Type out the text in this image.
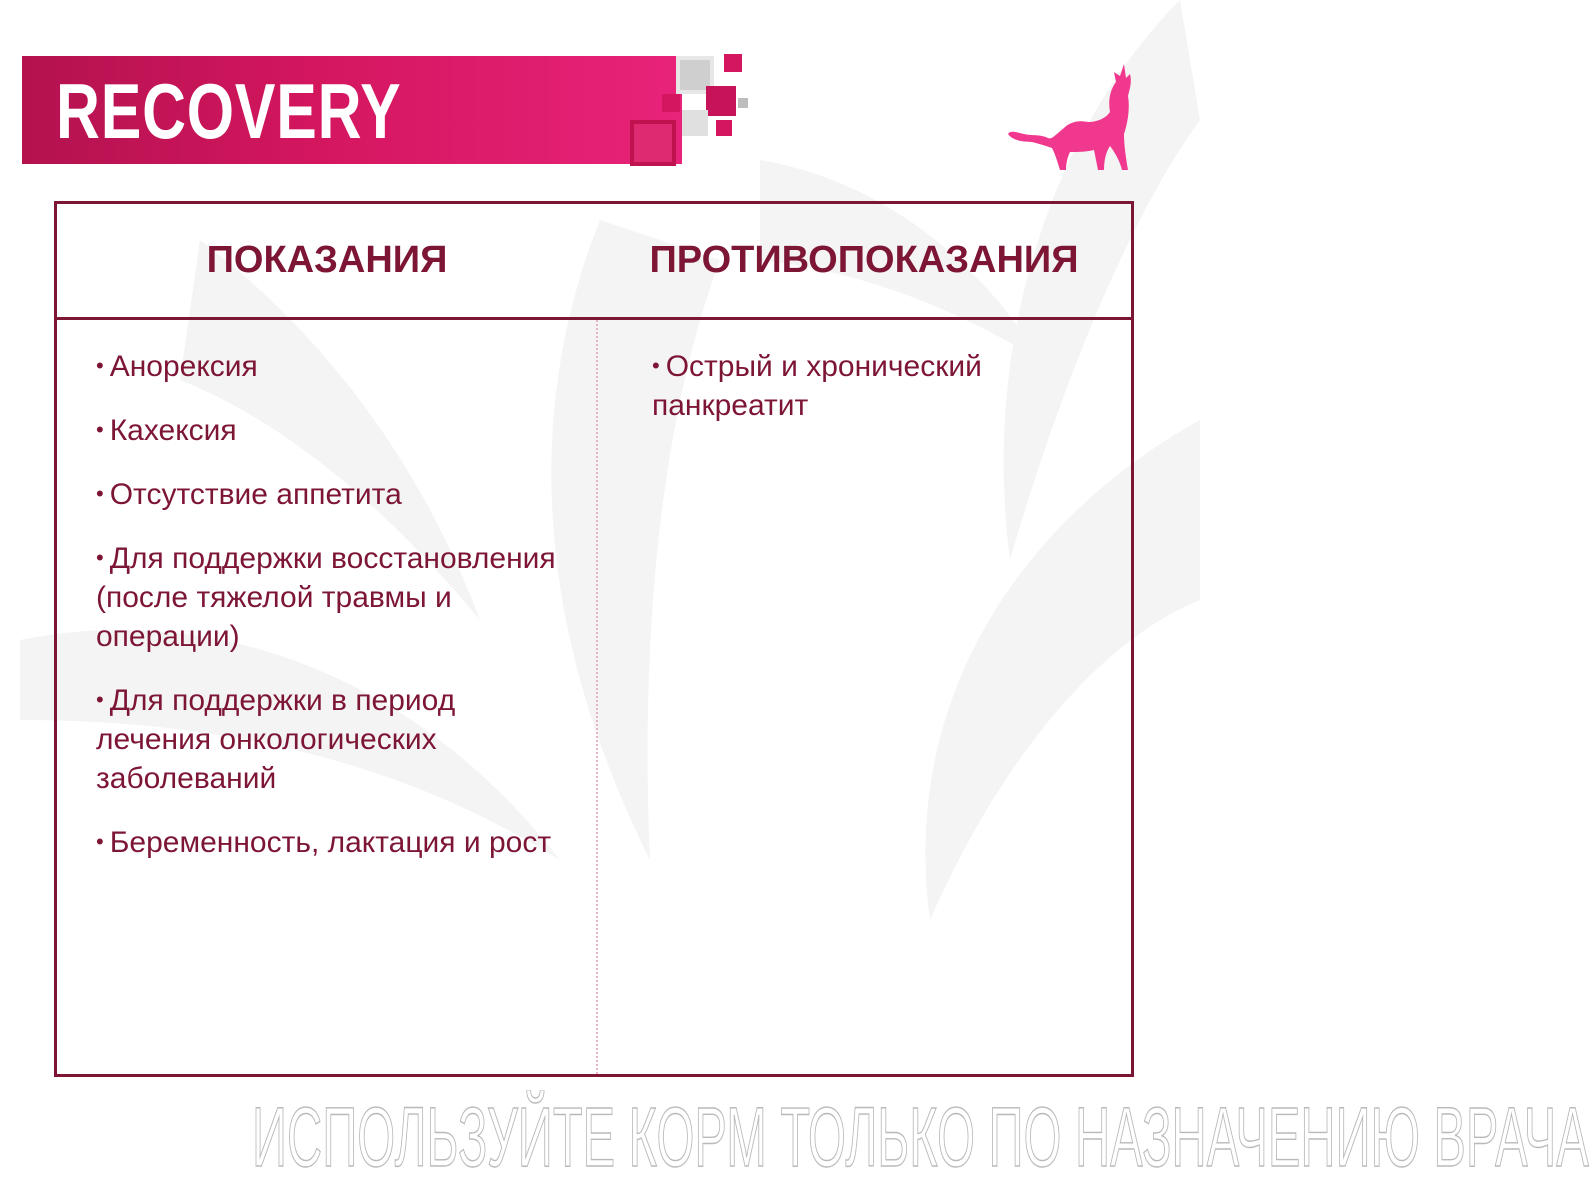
RECOVERY
ПОКАЗАНИЯ	ПРОТИВОПОКАЗАНИЯ

• Анорексия

• Кахексия

• Отсутствие аппетита

• Для поддержки восстановления (после тяжелой травмы и операции)

• Для поддержки в период лечения онкологических заболеваний

• Беременность, лактация и рост

• Острый и хронический панкреатит

ИСПОЛЬЗУЙТЕ КОРМ ТОЛЬКО ПО НАЗНАЧЕНИЮ ВРАЧА
